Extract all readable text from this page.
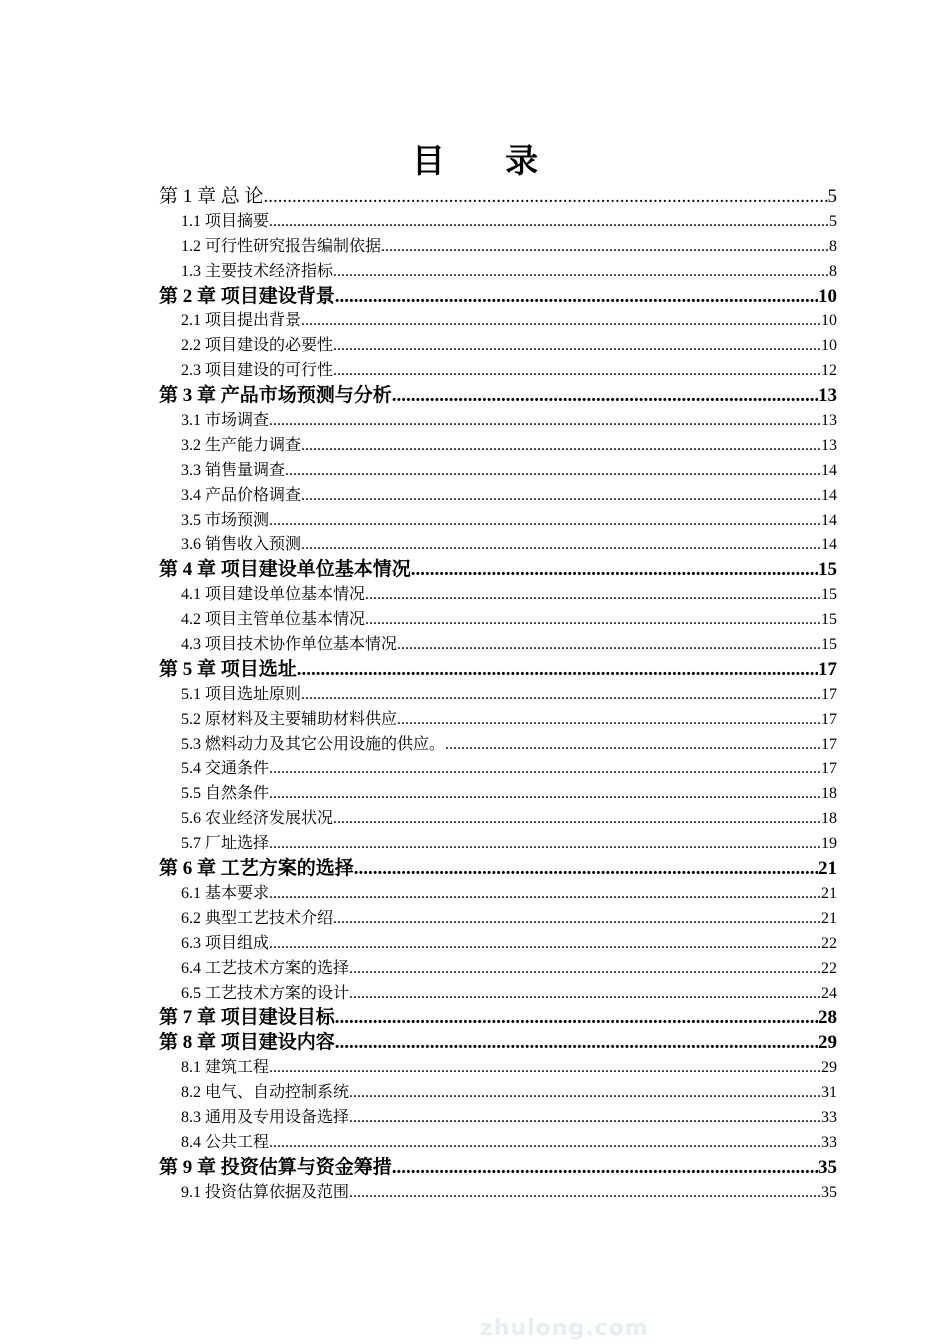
目 录
第 1 章 总 论 .....	5
1.1 项目摘要 .....	5
1.2 可行性研究报告编制依据 .....	8
1.3 主要技术经济指标 .....	8
第 2 章 项目建设背景 .....	10
2.1 项目提出背景 .....	10
2.2 项目建设的必要性 .....	10
2.3 项目建设的可行性 .....	12
第 3 章 产品市场预测与分析 .....	13
3.1 市场调查 .....	13
3.2 生产能力调查 .....	13
3.3 销售量调查 .....	14
3.4 产品价格调查 .....	14
3.5 市场预测 .....	14
3.6 销售收入预测 .....	14
第 4 章 项目建设单位基本情况 .....	15
4.1 项目建设单位基本情况 .....	15
4.2 项目主管单位基本情况 .....	15
4.3 项目技术协作单位基本情况 .....	15
第 5 章 项目选址 .....	17
5.1 项目选址原则 .....	17
5.2 原材料及主要辅助材料供应 .....	17
5.3 燃料动力及其它公用设施的供应。 .....	17
5.4 交通条件 .....	17
5.5 自然条件 .....	18
5.6 农业经济发展状况 .....	18
5.7 厂址选择 .....	19
第 6 章 工艺方案的选择 .....	21
6.1 基本要求 .....	21
6.2 典型工艺技术介绍 .....	21
6.3 项目组成 .....	22
6.4 工艺技术方案的选择 .....	22
6.5 工艺技术方案的设计 .....	24
第 7 章 项目建设目标 .....	28
第 8 章 项目建设内容 .....	29
8.1 建筑工程 .....	29
8.2 电气、自动控制系统 .....	31
8.3 通用及专用设备选择 .....	33
8.4 公共工程 .....	33
第 9 章 投资估算与资金筹措 .....	35
9.1 投资估算依据及范围 .....	35
zhulong.com
